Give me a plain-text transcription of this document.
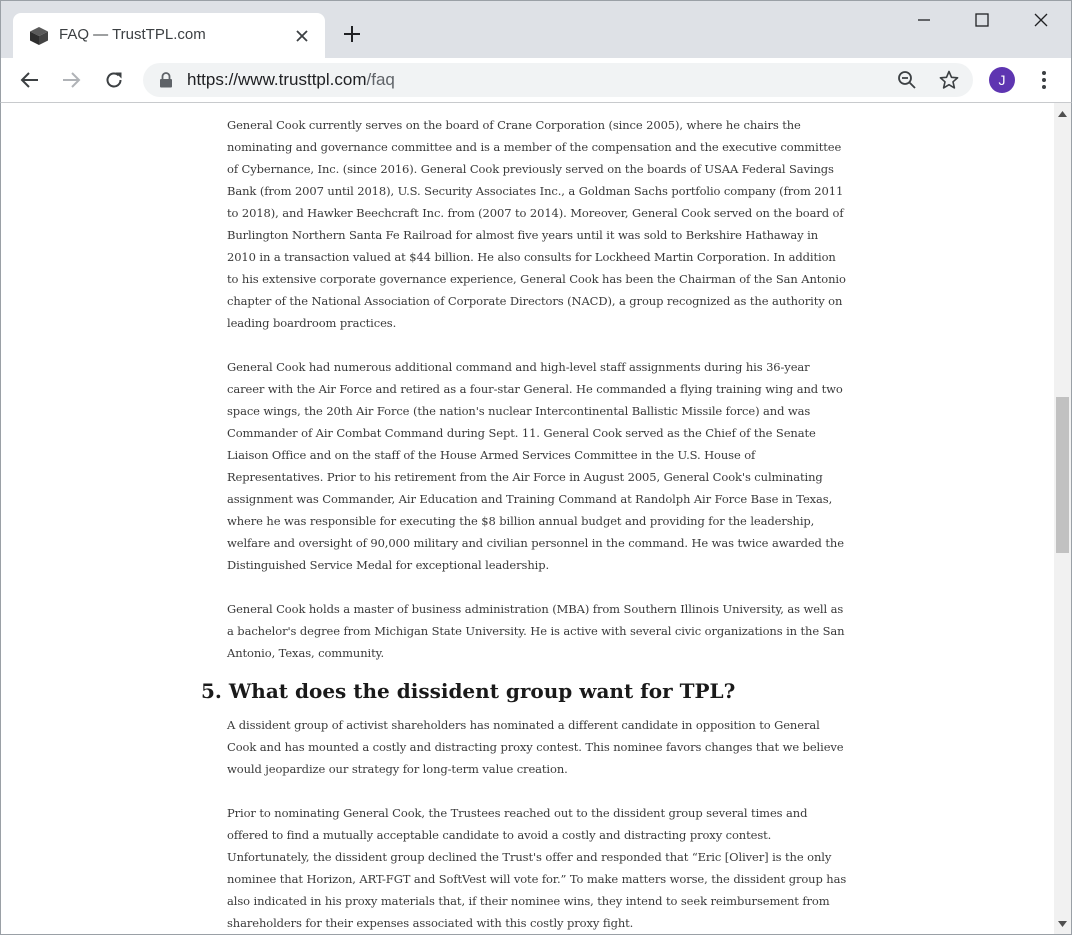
FAQ — TrustTPL.com
https://www.trusttpl.com/faq	J

General Cook currently serves on the board of Crane Corporation (since 2005), where he chairs the nominating and governance committee and is a member of the compensation and the executive committee of Cybernance, Inc. (since 2016). General Cook previously served on the boards of USAA Federal Savings Bank (from 2007 until 2018), U.S. Security Associates Inc., a Goldman Sachs portfolio company (from 2011 to 2018), and Hawker Beechcraft Inc. from (2007 to 2014). Moreover, General Cook served on the board of Burlington Northern Santa Fe Railroad for almost five years until it was sold to Berkshire Hathaway in 2010 in a transaction valued at $44 billion. He also consults for Lockheed Martin Corporation. In addition to his extensive corporate governance experience, General Cook has been the Chairman of the San Antonio chapter of the National Association of Corporate Directors (NACD), a group recognized as the authority on leading boardroom practices.

General Cook had numerous additional command and high-level staff assignments during his 36-year career with the Air Force and retired as a four-star General. He commanded a flying training wing and two space wings, the 20th Air Force (the nation's nuclear Intercontinental Ballistic Missile force) and was Commander of Air Combat Command during Sept. 11. General Cook served as the Chief of the Senate Liaison Office and on the staff of the House Armed Services Committee in the U.S. House of Representatives. Prior to his retirement from the Air Force in August 2005, General Cook's culminating assignment was Commander, Air Education and Training Command at Randolph Air Force Base in Texas, where he was responsible for executing the $8 billion annual budget and providing for the leadership, welfare and oversight of 90,000 military and civilian personnel in the command. He was twice awarded the Distinguished Service Medal for exceptional leadership.

General Cook holds a master of business administration (MBA) from Southern Illinois University, as well as a bachelor's degree from Michigan State University. He is active with several civic organizations in the San Antonio, Texas, community.

5. What does the dissident group want for TPL?

A dissident group of activist shareholders has nominated a different candidate in opposition to General Cook and has mounted a costly and distracting proxy contest. This nominee favors changes that we believe would jeopardize our strategy for long-term value creation.

Prior to nominating General Cook, the Trustees reached out to the dissident group several times and offered to find a mutually acceptable candidate to avoid a costly and distracting proxy contest. Unfortunately, the dissident group declined the Trust's offer and responded that “Eric [Oliver] is the only nominee that Horizon, ART-FGT and SoftVest will vote for.” To make matters worse, the dissident group has also indicated in his proxy materials that, if their nominee wins, they intend to seek reimbursement from shareholders for their expenses associated with this costly proxy fight.
